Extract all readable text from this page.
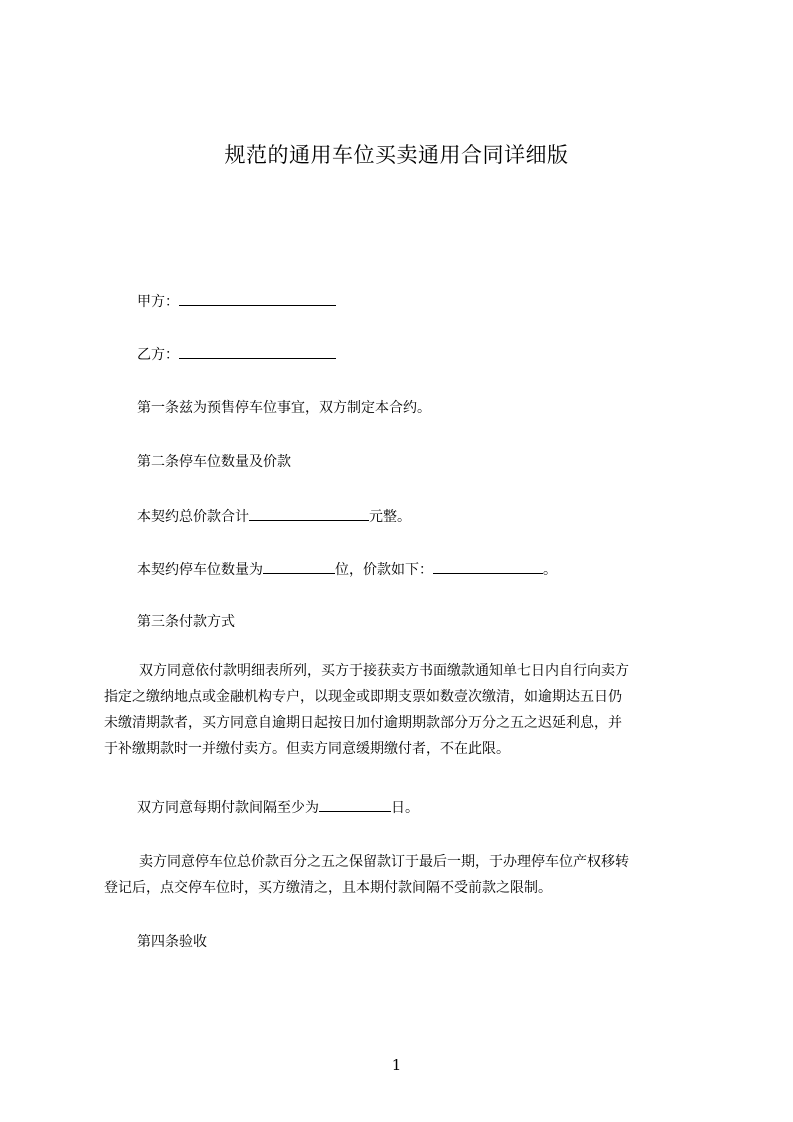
规范的通用车位买卖通用合同详细版
甲方：
乙方：
第一条兹为预售停车位事宜，双方制定本合约。
第二条停车位数量及价款
本契约总价款合计	元整。
本契约停车位数量为	位，价款如下：	。
第三条付款方式
双方同意依付款明细表所列，买方于接获卖方书面缴款通知单七日内自行向卖方
指定之缴纳地点或金融机构专户，以现金或即期支票如数壹次缴清，如逾期达五日仍
未缴清期款者，买方同意自逾期日起按日加付逾期期款部分万分之五之迟延利息，并
于补缴期款时一并缴付卖方。但卖方同意缓期缴付者，不在此限。
双方同意每期付款间隔至少为	日。
卖方同意停车位总价款百分之五之保留款订于最后一期，于办理停车位产权移转
登记后，点交停车位时，买方缴清之，且本期付款间隔不受前款之限制。
第四条验收
1
